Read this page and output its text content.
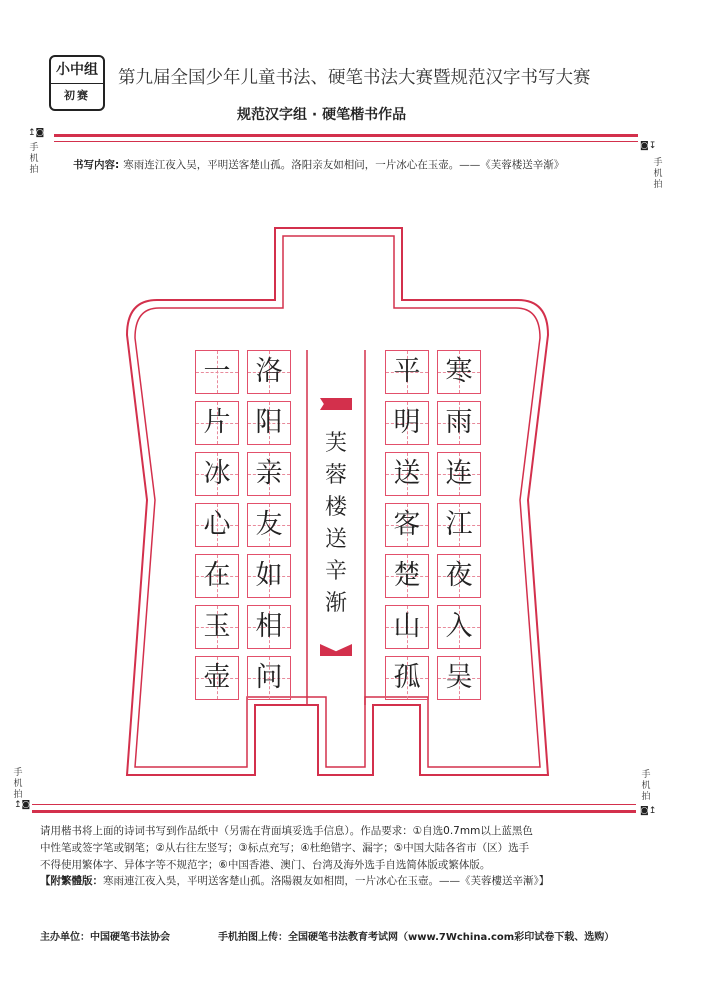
小中组
初赛
第九届全国少年儿童书法、硬笔书法大赛暨规范汉字书写大赛
规范汉字组 · 硬笔楷书作品
↥◙
手机拍
◙↧
手机拍
书写内容: 寒雨连江夜入吴，平明送客楚山孤。洛阳亲友如相问，一片冰心在玉壶。——《芙蓉楼送辛渐》
寒
雨
连
江
夜
入
吴
平
明
送
客
楚
山
孤
洛
阳
亲
友
如
相
问
一
片
冰
心
在
玉
壶
芙
蓉
楼
送
辛
渐
手机拍
↥◙
手机拍
◙↥
请用楷书将上面的诗词书写到作品纸中（另需在背面填妥选手信息）。作品要求：①自选0.7mm以上蓝黑色
中性笔或签字笔或钢笔；②从右往左竖写；③标点充写；④杜绝错字、漏字；⑤中国大陆各省市（区）选手
不得使用繁体字、异体字等不规范字；⑥中国香港、澳门、台湾及海外选手自选简体版或繁体版。
【附繁體版：寒雨連江夜入吳，平明送客楚山孤。洛陽親友如相問，一片冰心在玉壺。——《芙蓉樓送辛漸》】
主办单位：中国硬笔书法协会	手机拍图上传：全国硬笔书法教育考试网（www.7Wchina.com彩印试卷下载、选购）
